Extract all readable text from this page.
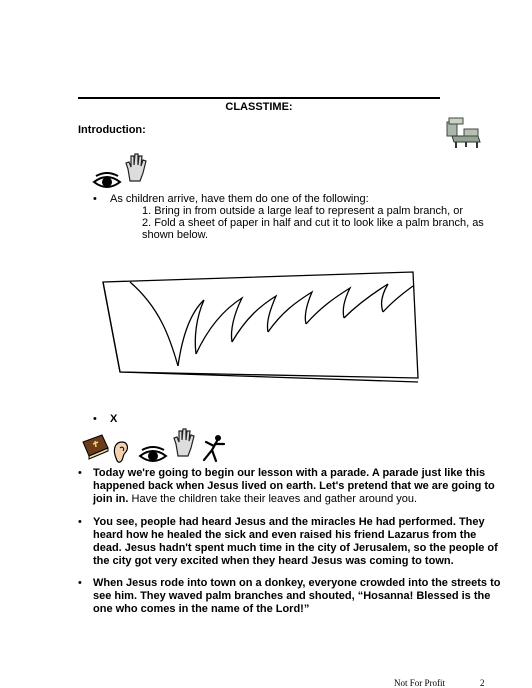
CLASSTIME:
Introduction:
• As children arrive, have them do one of the following:
1. Bring in from outside a large leaf to represent a palm branch, or
2. Fold a sheet of paper in half and cut it to look like a palm branch, as
shown below.
• X
• Today we're going to begin our lesson with a parade. A parade just like this
happened back when Jesus lived on earth. Let's pretend that we are going to
join in. Have the children take their leaves and gather around you.
• You see, people had heard Jesus and the miracles He had performed. They
heard how he healed the sick and even raised his friend Lazarus from the
dead. Jesus hadn't spent much time in the city of Jerusalem, so the people of
the city got very excited when they heard Jesus was coming to town.
• When Jesus rode into town on a donkey, everyone crowded into the streets to
see him. They waved palm branches and shouted, “Hosanna! Blessed is the
one who comes in the name of the Lord!”
Not For Profit	2
